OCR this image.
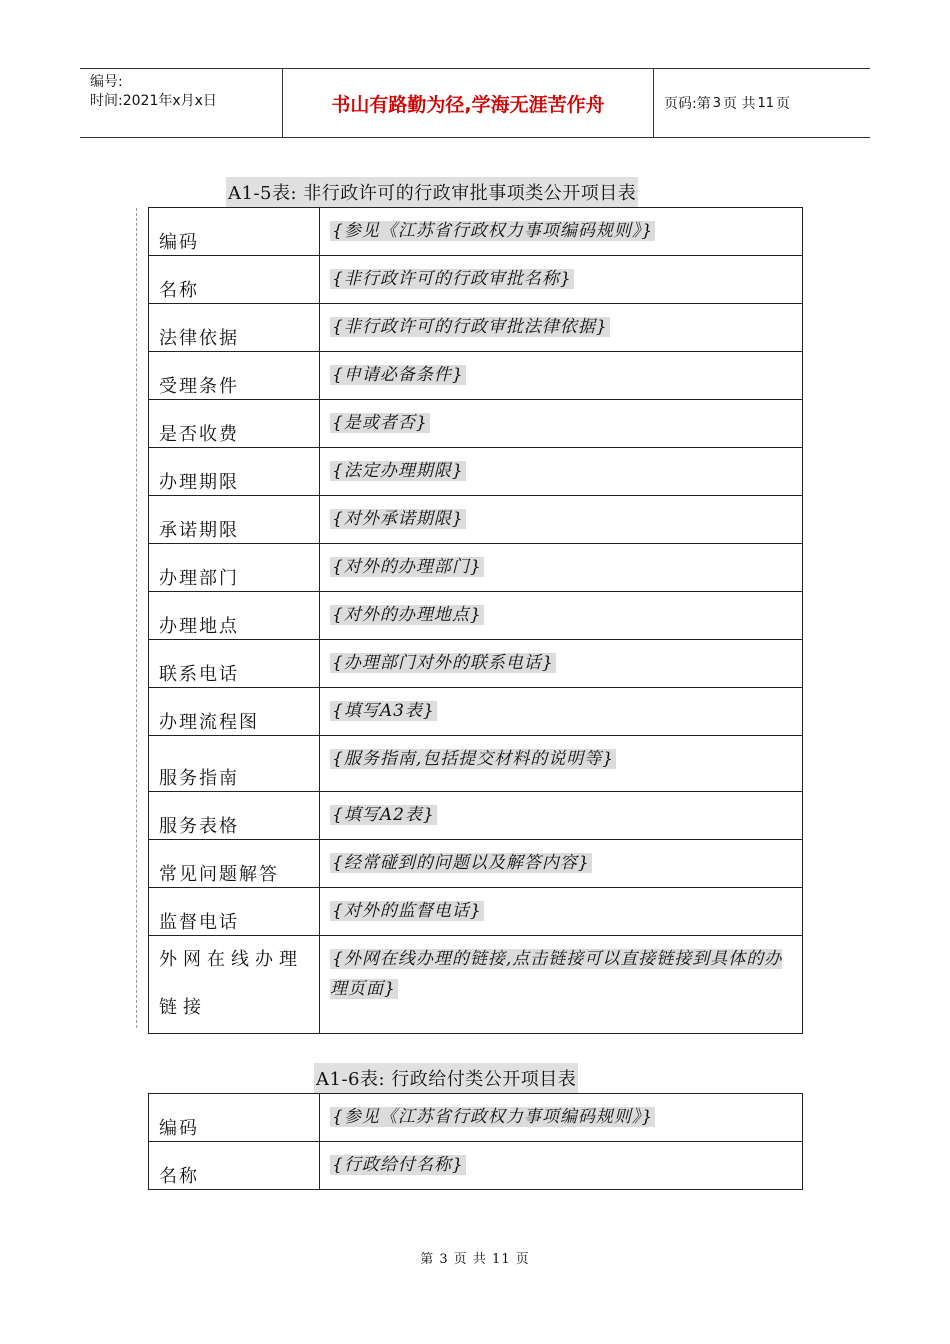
编号:
时间:2021年x月x日	书山有路勤为径,学海无涯苦作舟	页码:第 3 页 共 11 页
A1-5表: 非行政许可的行政审批事项类公开项目表
编码	{参见《江苏省行政权力事项编码规则》}
名称	{非行政许可的行政审批名称}
法律依据	{非行政许可的行政审批法律依据}
受理条件	{申请必备条件}
是否收费	{是或者否}
办理期限	{法定办理期限}
承诺期限	{对外承诺期限}
办理部门	{对外的办理部门}
办理地点	{对外的办理地点}
联系电话	{办理部门对外的联系电话}
办理流程图	{填写A3表}
服务指南	{服务指南,包括提交材料的说明等}
服务表格	{填写A2表}
常见问题解答	{经常碰到的问题以及解答内容}
监督电话	{对外的监督电话}
外网在线办理链接	{外网在线办理的链接,点击链接可以直接链接到具体的办理页面}
A1-6表: 行政给付类公开项目表
编码	{参见《江苏省行政权力事项编码规则》}
名称	{行政给付名称}
第 3 页 共 11 页
